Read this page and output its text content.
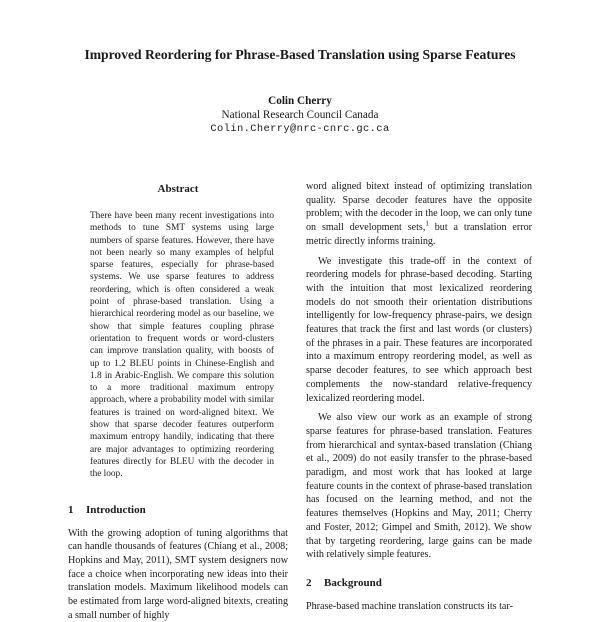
Improved Reordering for Phrase-Based Translation using Sparse Features
Colin Cherry
National Research Council Canada
Colin.Cherry@nrc-cnrc.gc.ca
Abstract

There have been many recent investigations into methods to tune SMT systems using large numbers of sparse features. However, there have not been nearly so many examples of helpful sparse features, especially for phrase-based systems. We use sparse features to address reordering, which is often considered a weak point of phrase-based translation. Using a hierarchical reordering model as our baseline, we show that simple features coupling phrase orientation to frequent words or word-clusters can improve translation quality, with boosts of up to 1.2 BLEU points in Chinese-English and 1.8 in Arabic-English. We compare this solution to a more traditional maximum entropy approach, where a probability model with similar features is trained on word-aligned bitext. We show that sparse decoder features outperform maximum entropy handily, indicating that there are major advantages to optimizing reordering features directly for BLEU with the decoder in the loop.

1 Introduction

With the growing adoption of tuning algorithms that can handle thousands of features (Chiang et al., 2008; Hopkins and May, 2011), SMT system designers now face a choice when incorporating new ideas into their translation models. Maximum likelihood models can be estimated from large word-aligned bitexts, creating a small number of highly

word aligned bitext instead of optimizing translation quality. Sparse decoder features have the opposite problem; with the decoder in the loop, we can only tune on small development sets,$^1$ but a translation error metric directly informs training.

We investigate this trade-off in the context of reordering models for phrase-based decoding. Starting with the intuition that most lexicalized reordering models do not smooth their orientation distributions intelligently for low-frequency phrase-pairs, we design features that track the first and last words (or clusters) of the phrases in a pair. These features are incorporated into a maximum entropy reordering model, as well as sparse decoder features, to see which approach best complements the now-standard relative-frequency lexicalized reordering model.

We also view our work as an example of strong sparse features for phrase-based translation. Features from hierarchical and syntax-based translation (Chiang et al., 2009) do not easily transfer to the phrase-based paradigm, and most work that has looked at large feature counts in the context of phrase-based translation has focused on the learning method, and not the features themselves (Hopkins and May, 2011; Cherry and Foster, 2012; Gimpel and Smith, 2012). We show that by targeting reordering, large gains can be made with relatively simple features.

2 Background

Phrase-based machine translation constructs its tar-
